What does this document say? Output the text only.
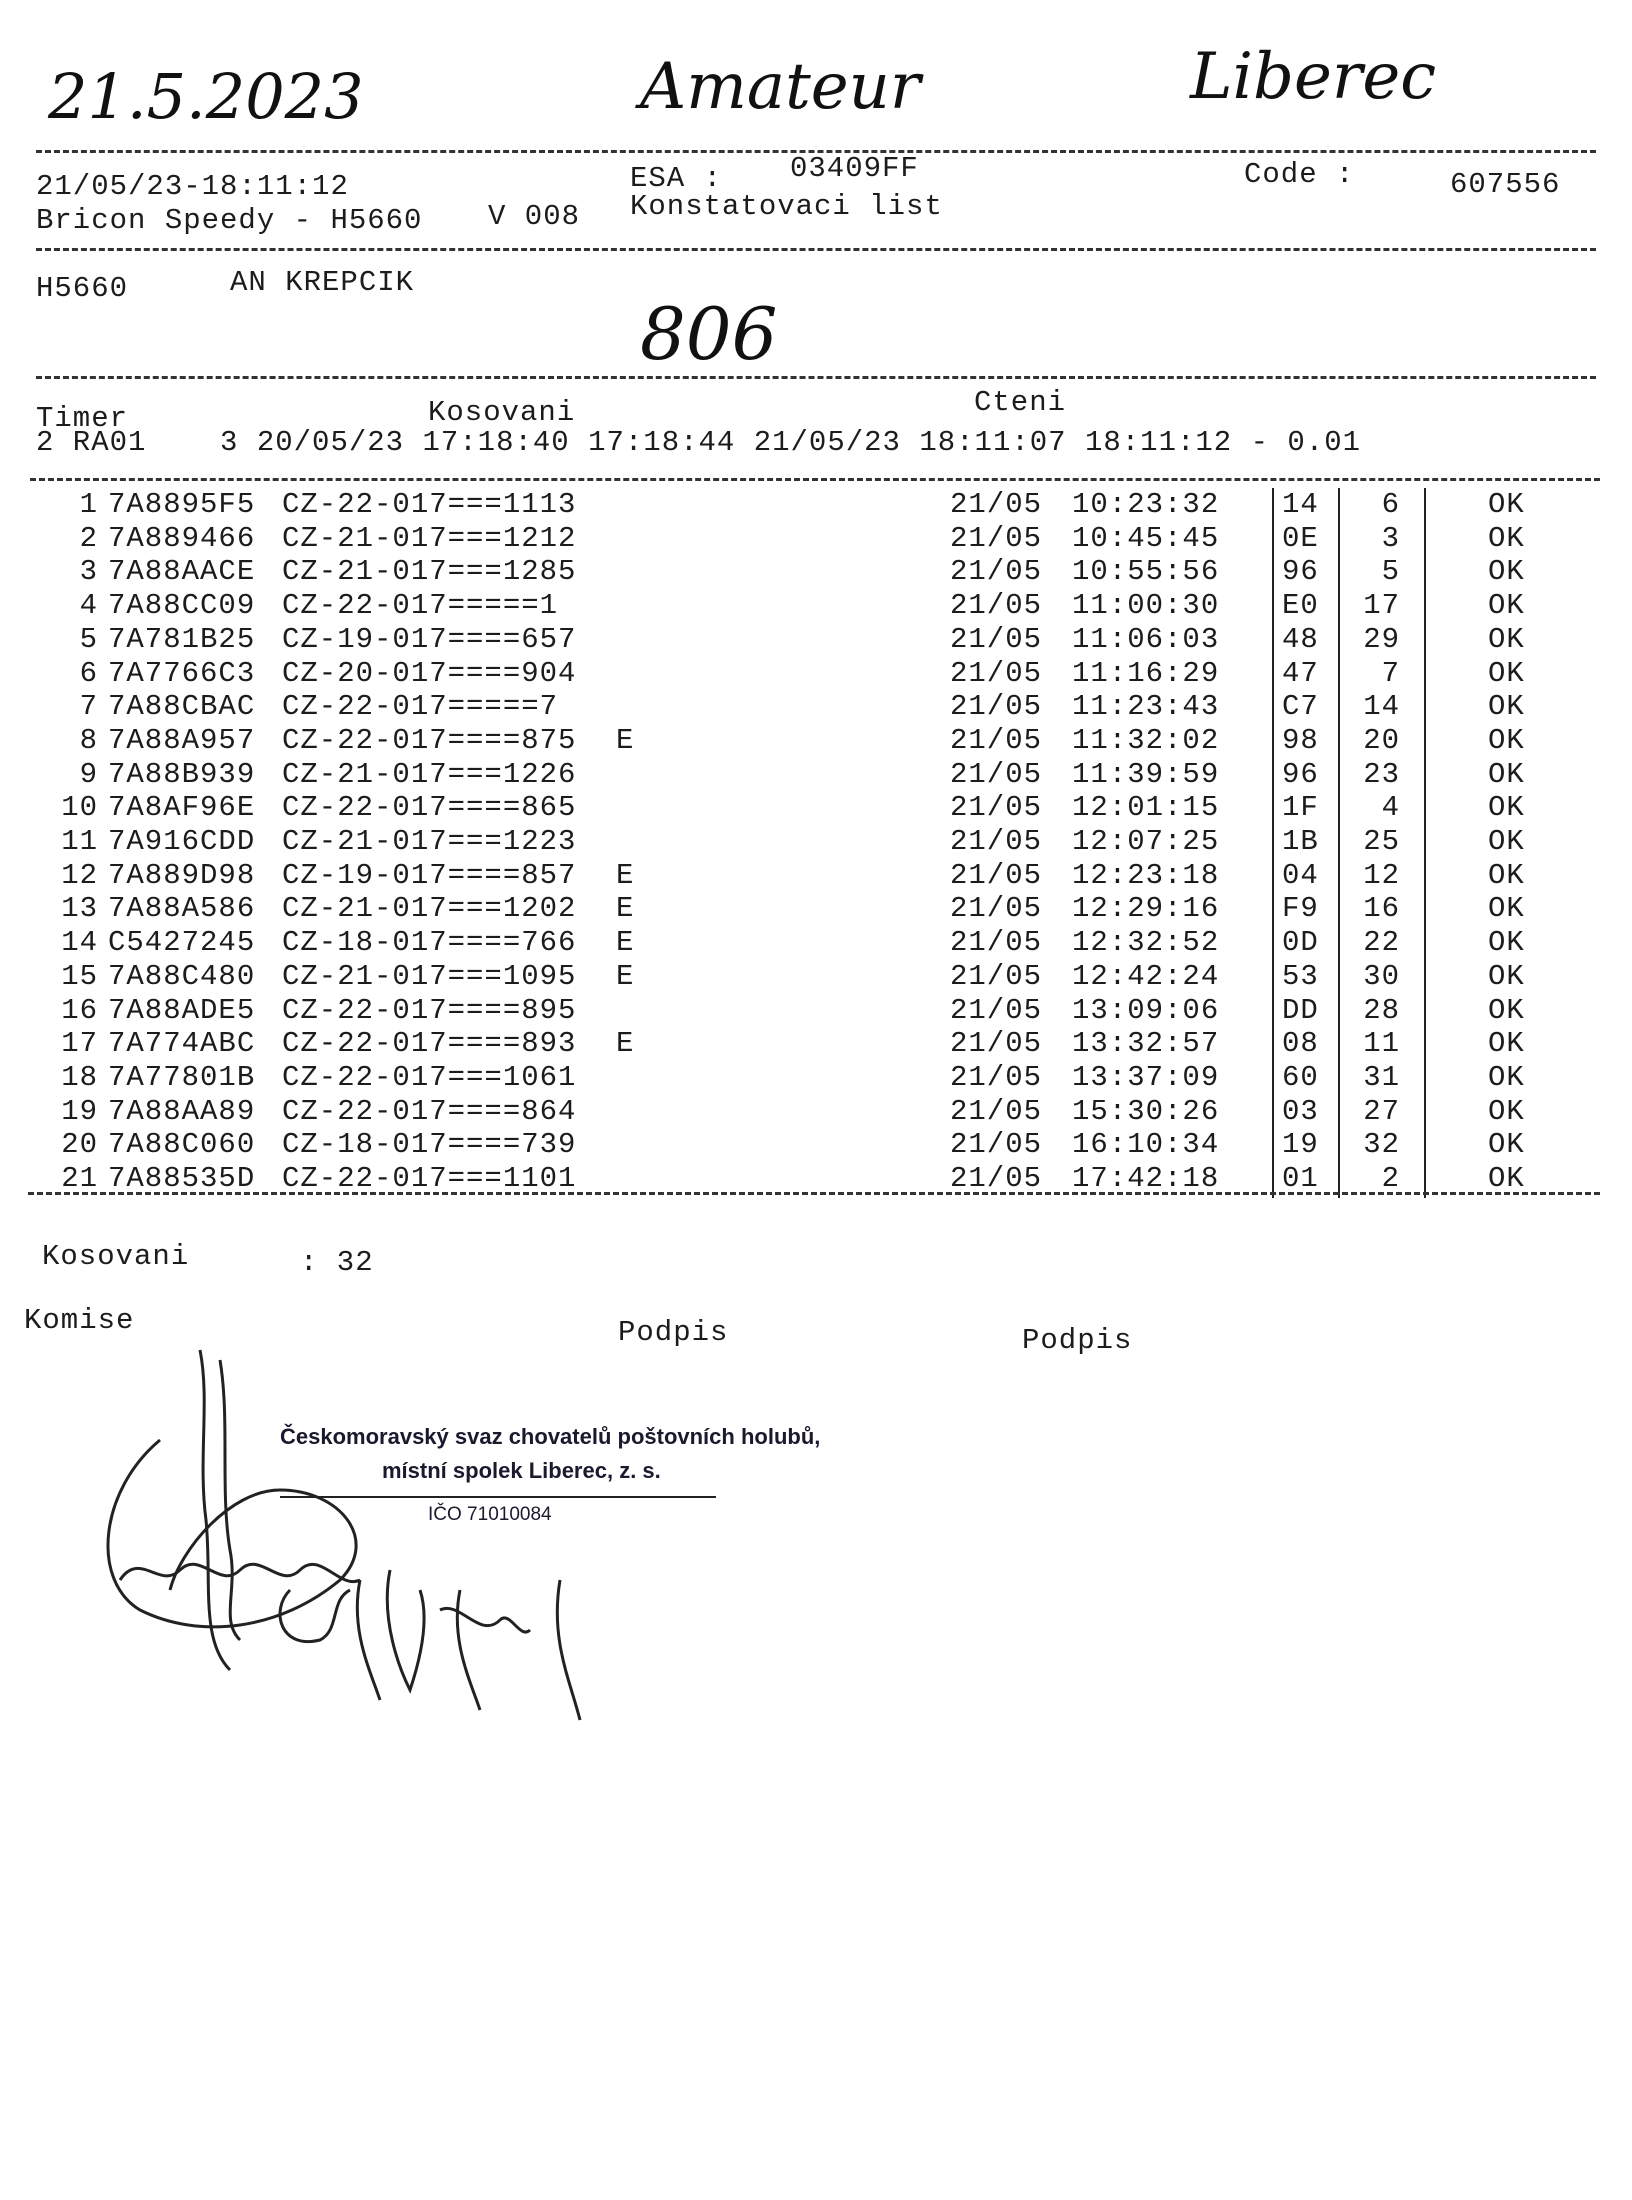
21.5.2023	Amateur	Liberec
806
21/05/23-18:11:12
Bricon Speedy - H5660 V 008
ESA : 03409FF
Konstatovaci list
Code :	607556
H5660	AN KREPCIK
Cteni
Kosovani
Timer
2 RA01    3 20/05/23 17:18:40 17:18:44 21/05/23 18:11:07 18:11:12 - 0.01
1 7A8895F5 CZ-22-017===1113	21/05 10:23:32 14 6	OK
2 7A889466 CZ-21-017===1212	21/05 10:45:45 0E 3	OK
3 7A88AACE CZ-21-017===1285	21/05 10:55:56 96 5	OK
4 7A88CC09 CZ-22-017=====1	21/05 11:00:30 E0 17	OK
5 7A781B25 CZ-19-017====657	21/05 11:06:03 48 29	OK
6 7A7766C3 CZ-20-017====904	21/05 11:16:29 47 7	OK
7 7A88CBAC CZ-22-017=====7	21/05 11:23:43 C7 14	OK
8 7A88A957 CZ-22-017====875 E	21/05 11:32:02 98 20	OK
9 7A88B939 CZ-21-017===1226	21/05 11:39:59 96 23	OK
10 7A8AF96E CZ-22-017====865	21/05 12:01:15 1F 4	OK
11 7A916CDD CZ-21-017===1223	21/05 12:07:25 1B 25	OK
12 7A889D98 CZ-19-017====857 E	21/05 12:23:18 04 12	OK
13 7A88A586 CZ-21-017===1202 E	21/05 12:29:16 F9 16	OK
14 C5427245 CZ-18-017====766 E	21/05 12:32:52 0D 22	OK
15 7A88C480 CZ-21-017===1095 E	21/05 12:42:24 53 30	OK
16 7A88ADE5 CZ-22-017====895	21/05 13:09:06 DD 28	OK
17 7A774ABC CZ-22-017====893 E	21/05 13:32:57 08 11	OK
18 7A77801B CZ-22-017===1061	21/05 13:37:09 60 31	OK
19 7A88AA89 CZ-22-017====864	21/05 15:30:26 03 27	OK
20 7A88C060 CZ-18-017====739	21/05 16:10:34 19 32	OK
21 7A88535D CZ-22-017===1101	21/05 17:42:18 01 2	OK
Kosovani	: 32
Komise	Podpis	Podpis
Českomoravský svaz chovatelů poštovních holubů,
místní spolek Liberec, z. s.
IČO 71010084
